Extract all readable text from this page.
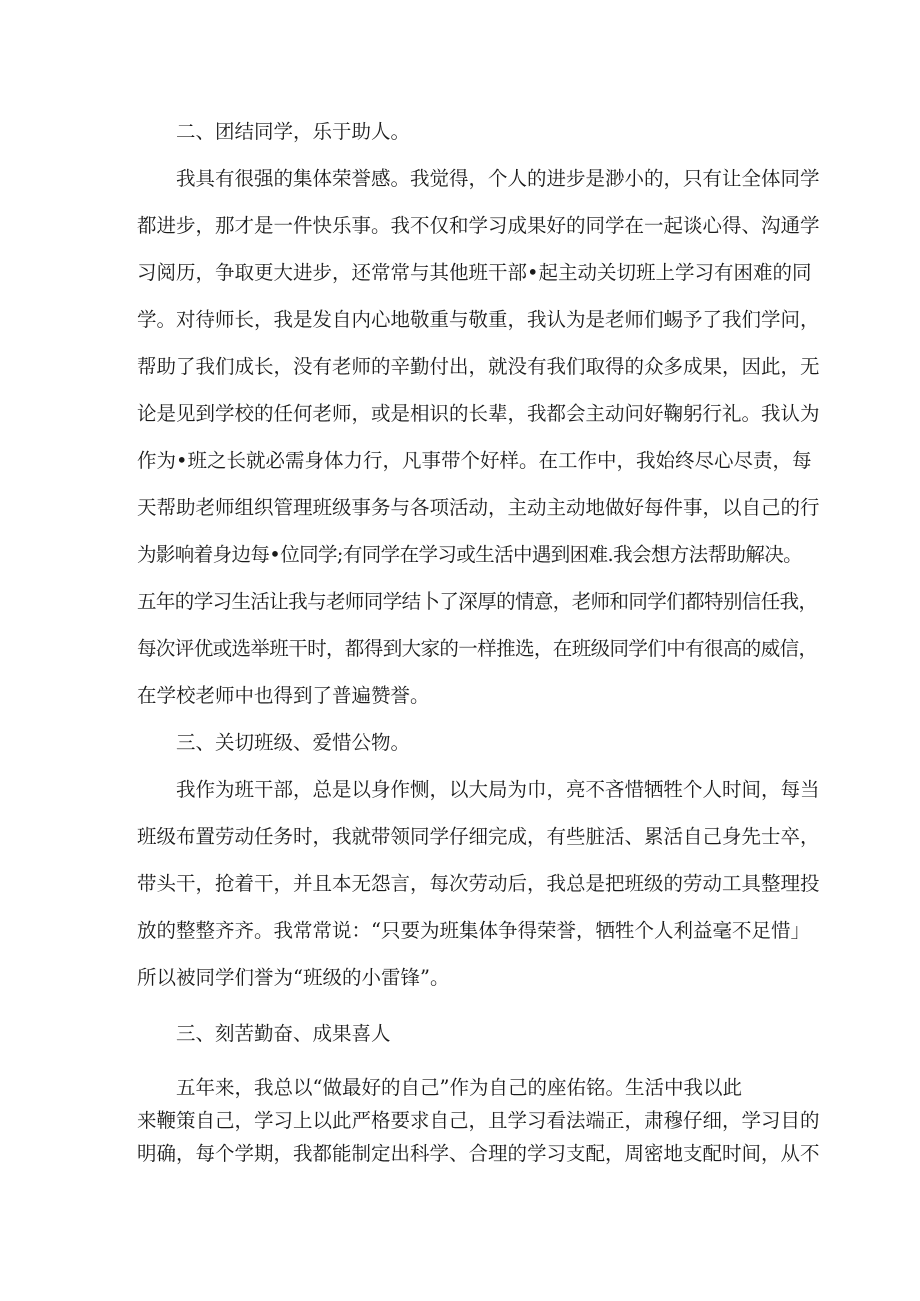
二、团结同学，乐于助人。
我具有很强的集体荣誉感。我觉得，个人的进步是渺小的，只有让全体同学
都进步，那才是一件快乐事。我不仅和学习成果好的同学在一起谈心得、沟通学
习阅历，争取更大进步，还常常与其他班干部•起主动关切班上学习有困难的同
学。对待师长，我是发自内心地敬重与敬重，我认为是老师们蜴予了我们学问，
帮助了我们成长，没有老师的辛勤付出，就没有我们取得的众多成果，因此，无
论是见到学校的任何老师，或是相识的长辈，我都会主动问好鞠躬行礼。我认为
作为•班之长就必需身体力行，凡事带个好样。在工作中，我始终尽心尽责，每
天帮助老师组织管理班级事务与各项活动，主动主动地做好每件事，以自己的行
为影响着身边每•位同学;有同学在学习或生活中遇到困难.我会想方法帮助解决。
五年的学习生活让我与老师同学结卜了深厚的情意，老师和同学们都特别信任我，
每次评优或选举班干时，都得到大家的一样推选，在班级同学们中有很高的威信，
在学校老师中也得到了普遍赞誉。
三、关切班级、爱惜公物。
我作为班干部，总是以身作恻，以大局为巾，亮不吝惜牺牲个人时间，每当
班级布置劳动任务时，我就带领同学仔细完成，有些脏活、累活自己身先士卒，
带头干，抢着干，并且本无怨言，每次劳动后，我总是把班级的劳动工具整理投
放的整整齐齐。我常常说：“只要为班集体争得荣誉，牺牲个人利益毫不足惜」
所以被同学们誉为“班级的小雷锋”。
三、刻苦勤奋、成果喜人
五年来，我总以“做最好的自己”作为自己的座佑铭。生活中我以此
来鞭策自己，学习上以此严格要求自己，且学习看法端正，肃穆仔细，学习目的
明确，每个学期，我都能制定出科学、合理的学习支配，周密地支配时间，从不
